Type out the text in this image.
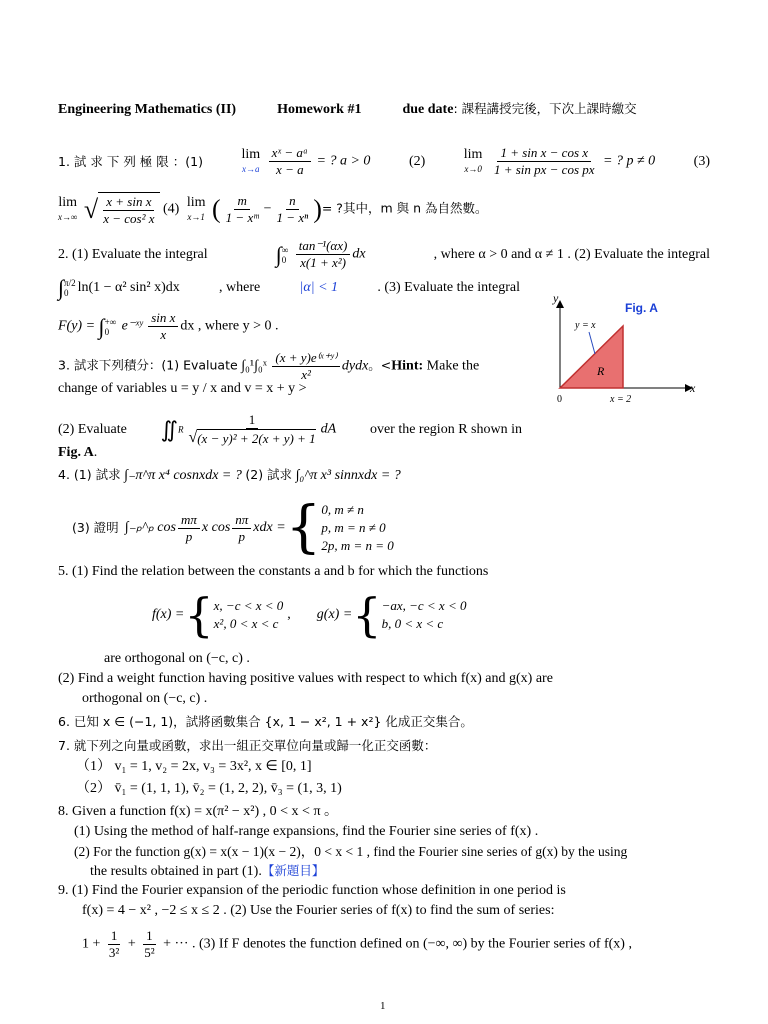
Engineering Mathematics (II)	Homework #1	due date: 課程講授完後，下次上課時繳交
1. 試 求 下 列 極 限 ：(1)	lim
x→a
$\frac{\text{xˣ − aᵃ}}{x - a}$ = ? a > 0	(2)	lim
x→0
$\frac{\text{1 + sin x − cos x}}{\text{1 + sin px − cos px}}$ = ? p ≠ 0	(3)
lim
x→∞
√ $\frac{\text{x + sin x}}{\text{x − cos² x}} (4)$ lim
x→1 ( $\frac{m}{\text{1 − xᵐ}} - \frac{n}{\text{1 − xⁿ}}$ )= ?其中，m 與 n 為自然數。
2. (1) Evaluate the integral	∫ ∞
0
$\frac{\text{tan⁻¹(αx)}}{\text{x(1 + x²)}}$ dx	, where α > 0 and α ≠ 1 . (2) Evaluate the integral
∫ π/2
0 ln(1 − α² sin² x)dx	, where	|α| < 1	. (3) Evaluate the integral
F(y) = ∫ +∞
0 e⁻ˣʸ $\frac{\text{sin x}}{x}$ dx , where y > 0 .
3. 試求下列積分：(1) Evaluate ∫₀¹∫₀ˣ $\frac{\text{(x + y)e⁽ˣ⁺ʸ⁾}}{\text{x²}}$ dydx。<Hint: Make the
change of variables u = y / x and v = x + y >
(2) Evaluate ∬R $\frac{1}{\text{√ (x − y)² + 2(x + y) + 1}}$ dA over the region R shown in
Fig. A.
y
x
0
y = x
R
x = 2
Fig. A
4. (1) 試求 ∫₋π^π x⁴ cosnxdx = ? (2) 試求 ∫₀^π x³ sinnxdx = ?
(3) 證明 ∫₋ₚ^ₚ $\cos \frac{m\pi}{p}$ x $\cos \frac{n\pi}{p}$ xdx = { 0, m ≠ n
p, m = n ≠ 0
2p, m = n = 0
5. (1) Find the relation between the constants a and b for which the functions
f(x) = { x, −c < x < 0
x², 0 < x < c
, g(x) = { −ax, −c < x < 0
b, 0 < x < c
are orthogonal on (−c, c) .
(2) Find a weight function having positive values with respect to which f(x) and g(x) are
orthogonal on (−c, c) .
6. 已知 x ∈ (−1, 1)，試將函數集合 {x, 1 − x², 1 + x²} 化成正交集合。
7. 就下列之向量或函數，求出一組正交單位向量或歸一化正交函數：
（1） v₁ = 1, v₂ = 2x, v₃ = 3x², x ∈ [0, 1]
（2） v̄₁ = (1, 1, 1), v̄₂ = (1, 2, 2), v̄₃ = (1, 3, 1)
8. Given a function f(x) = x(π² − x²) , 0 < x < π 。
(1) Using the method of half-range expansions, find the Fourier sine series of f(x) .
(2) For the function g(x) = x(x − 1)(x − 2)，0 < x < 1 , find the Fourier sine series of g(x) by the using
the results obtained in part (1).【新題目】
9. (1) Find the Fourier expansion of the periodic function whose definition in one period is
f(x) = 4 − x² , −2 ≤ x ≤ 2 . (2) Use the Fourier series of f(x) to find the sum of series:
$1 + \frac{1}{\text{3²}} + \frac{1}{\text{5²}}$ + ··· . (3) If F denotes the function defined on (−∞, ∞) by the Fourier series of f(x) ,
1
